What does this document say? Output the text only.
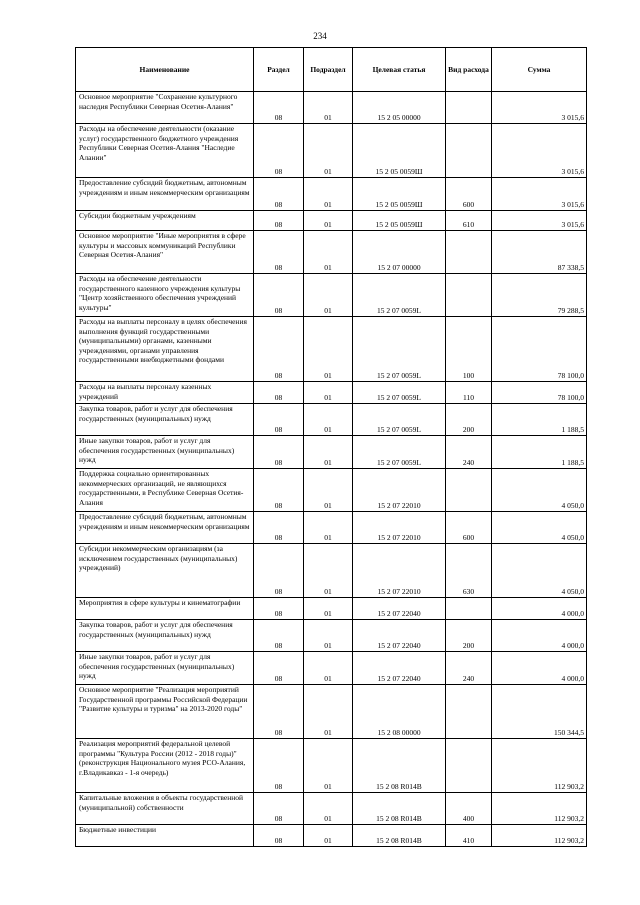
234
Наименование	Раздел	Подраздел	Целевая статья	Вид расхода	Сумма
Основное мероприятие "Сохранение культурного наследия Республики Северная Осетия-Алания"	08	01	15 2 05 00000		3 015,6
Расходы на обеспечение деятельности (оказание услуг) государственного бюджетного учреждения Республики Северная Осетия-Алания "Наследие Алании"	08	01	15 2 05 0059Ш		3 015,6
Предоставление субсидий бюджетным, автономным учреждениям и иным некоммерческим организациям	08	01	15 2 05 0059Ш	600	3 015,6
Субсидии бюджетным учреждениям	08	01	15 2 05 0059Ш	610	3 015,6
Основное мероприятие "Иные мероприятия в сфере культуры и массовых коммуникаций Республики Северная Осетия-Алания"	08	01	15 2 07 00000		87 338,5
Расходы на обеспечение деятельности государственного казенного учреждения культуры "Центр хозяйственного обеспечения учреждений культуры"	08	01	15 2 07 0059L		79 288,5
Расходы на выплаты персоналу в целях обеспечения выполнения функций государственными (муниципальными) органами, казенными учреждениями, органами управления государственными внебюджетными фондами	08	01	15 2 07 0059L	100	78 100,0
Расходы на выплаты персоналу казенных учреждений	08	01	15 2 07 0059L	110	78 100,0
Закупка товаров, работ и услуг для обеспечения государственных (муниципальных) нужд	08	01	15 2 07 0059L	200	1 188,5
Иные закупки товаров, работ и услуг для обеспечения государственных (муниципальных) нужд	08	01	15 2 07 0059L	240	1 188,5
Поддержка социально ориентированных некоммерческих организаций, не являющихся государственными, в Республике Северная Осетия-Алания	08	01	15 2 07 22010		4 050,0
Предоставление субсидий бюджетным, автономным учреждениям и иным некоммерческим организациям	08	01	15 2 07 22010	600	4 050,0
Субсидии некоммерческим организациям (за исключением государственных (муниципальных) учреждений)	08	01	15 2 07 22010	630	4 050,0
Мероприятия в сфере культуры и кинематографии	08	01	15 2 07 22040		4 000,0
Закупка товаров, работ и услуг для обеспечения государственных (муниципальных) нужд	08	01	15 2 07 22040	200	4 000,0
Иные закупки товаров, работ и услуг для обеспечения государственных (муниципальных) нужд	08	01	15 2 07 22040	240	4 000,0
Основное мероприятие "Реализация мероприятий Государственной программы Российской Федерации "Развитие культуры и туризма" на 2013-2020 годы"	08	01	15 2 08 00000		150 344,5
Реализация мероприятий федеральной целевой программы "Культура России (2012 - 2018 годы)" (реконструкция Национального музея РСО-Алания, г.Владикавказ - 1-я очередь)	08	01	15 2 08 R014B		112 903,2
Капитальные вложения в объекты государственной (муниципальной) собственности	08	01	15 2 08 R014B	400	112 903,2
Бюджетные инвестиции	08	01	15 2 08 R014B	410	112 903,2
